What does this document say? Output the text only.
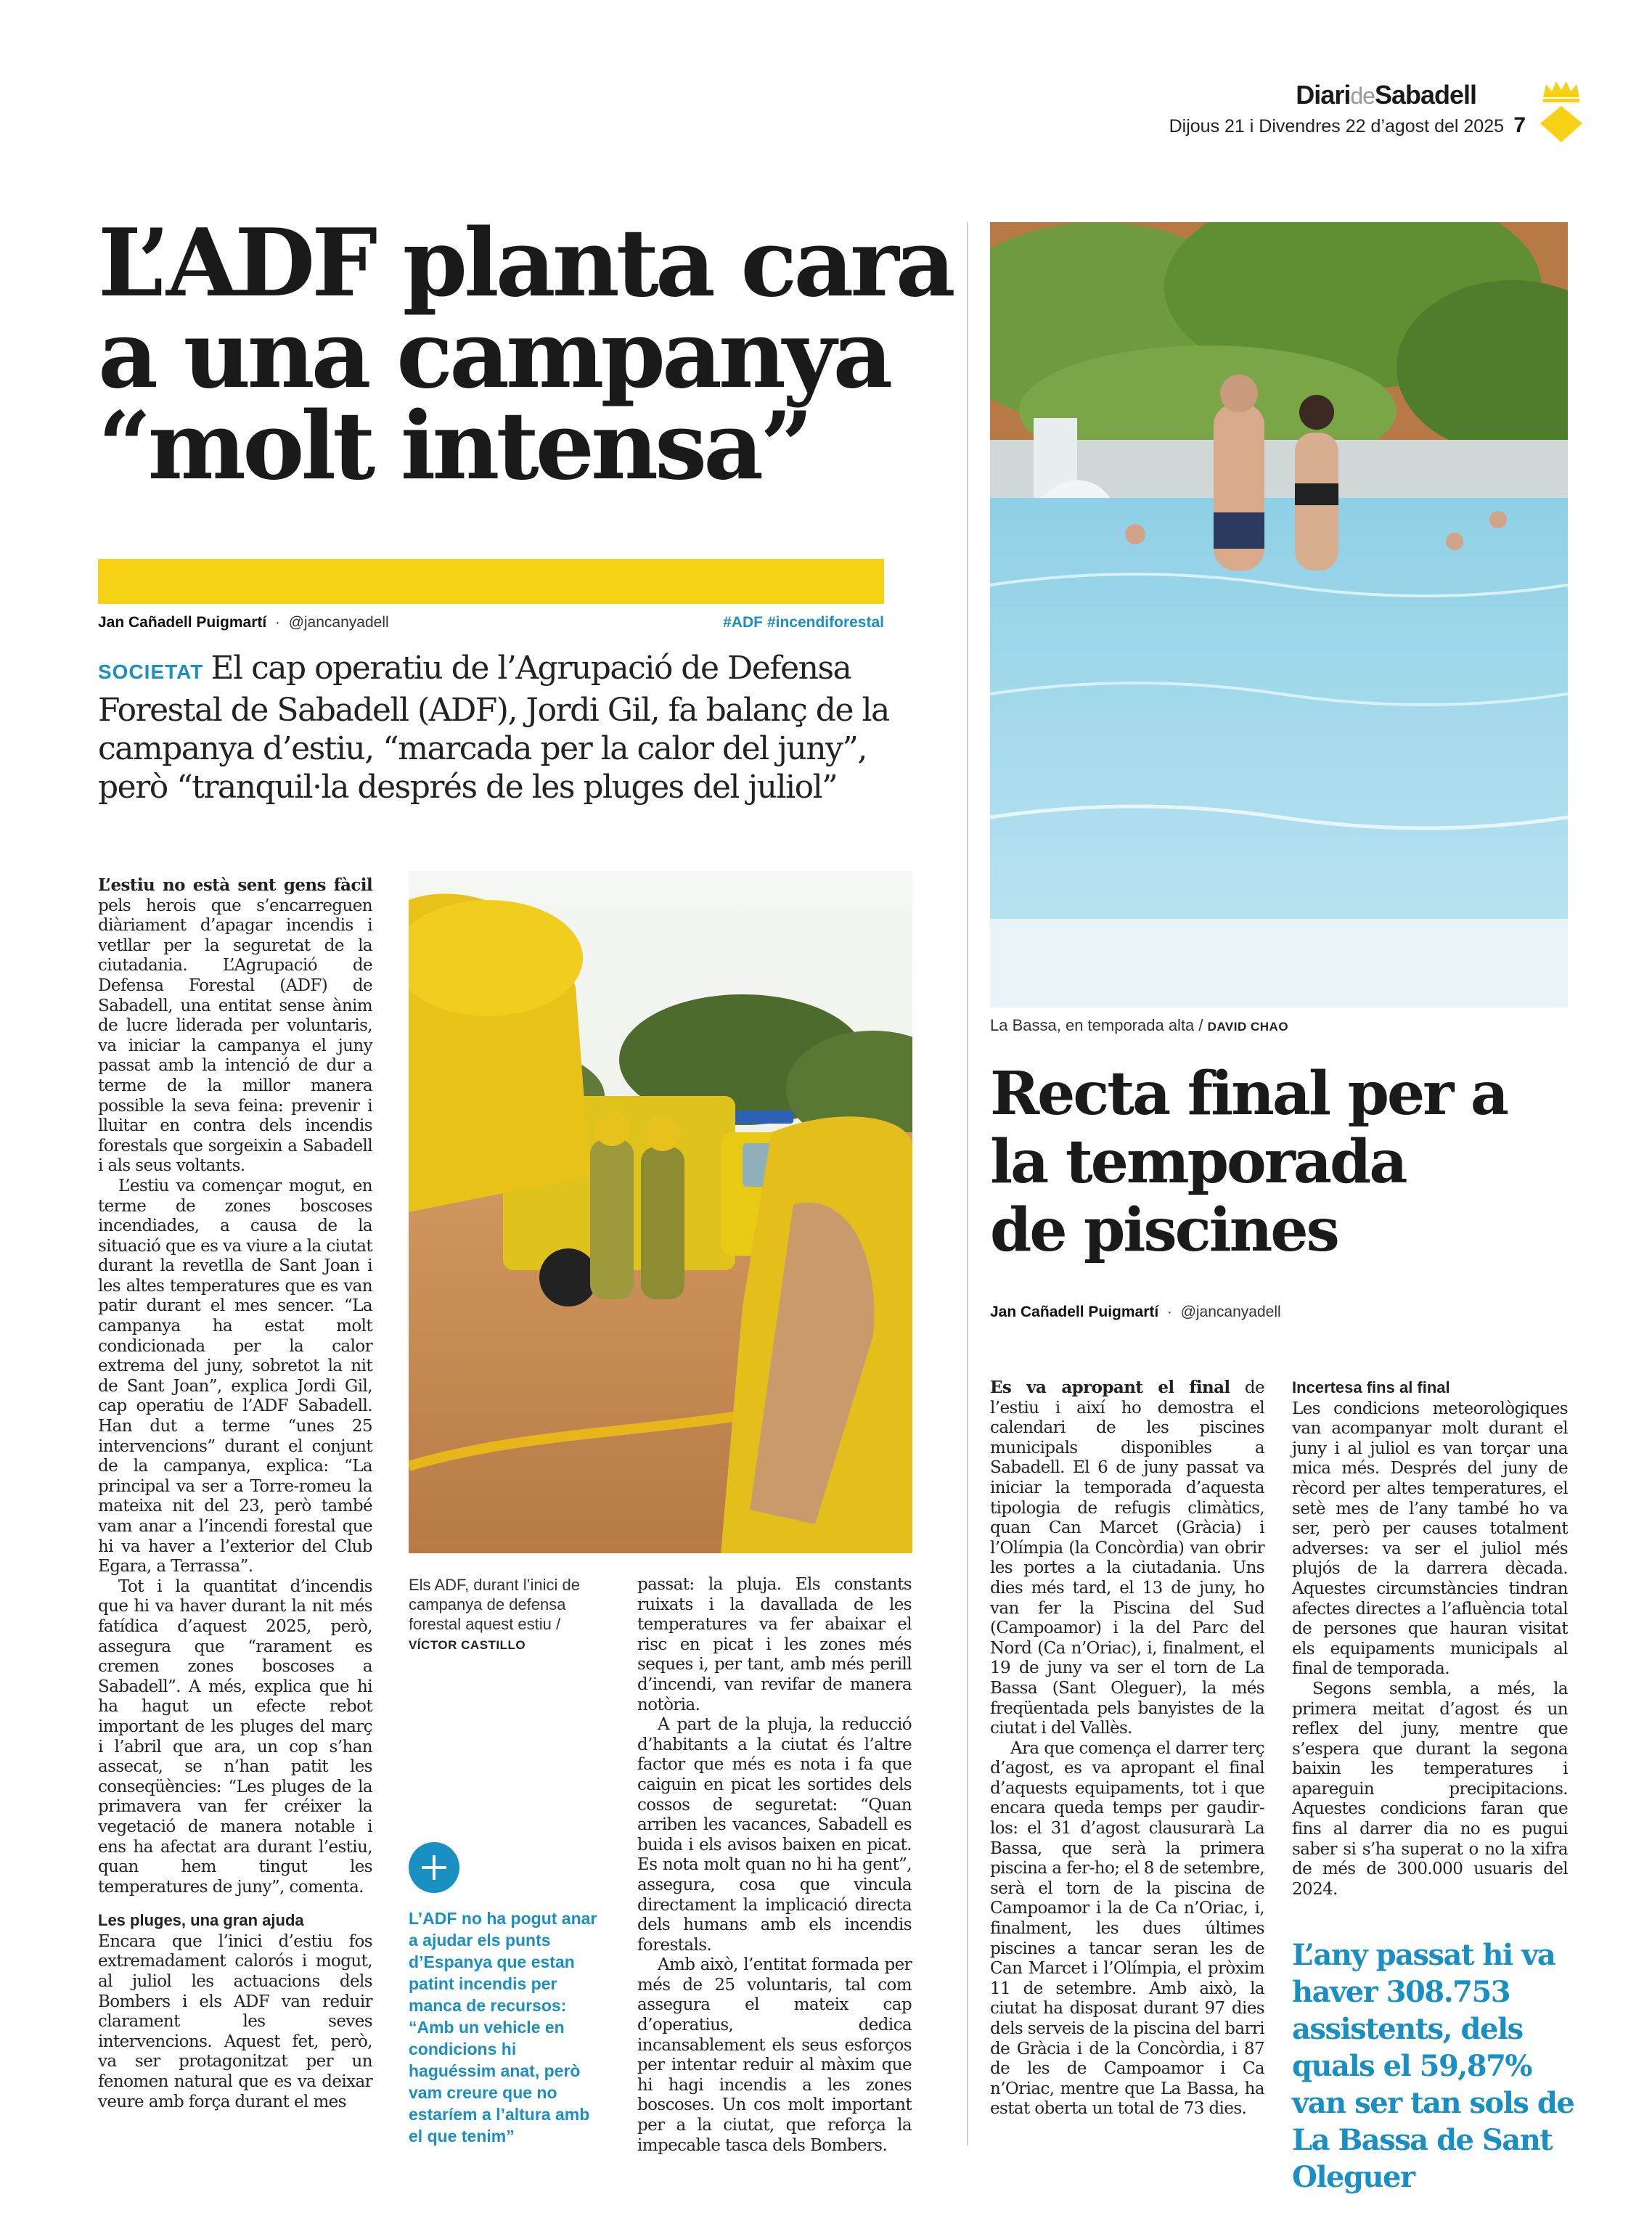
DiarideSabadell
Dijous 21 i Divendres 22 d’agost del 2025 7
L’ADF planta cara
a una campanya
“molt intensa”
Jan Cañadell Puigmartí · @jancanyadell	#ADF #incendiforestal
SOCIETAT El cap operatiu de l’Agrupació de Defensa Forestal de Sabadell (ADF), Jordi Gil, fa balanç de la campanya d’estiu, “marcada per la calor del juny”, però “tranquil·la després de les pluges del juliol”

L’estiu no està sent gens fàcil pels herois que s’encarreguen diàriament d’apagar incendis i vetllar per la seguretat de la ciutadania. L’Agrupació de Defensa Forestal (ADF) de Sabadell, una entitat sense ànim de lucre liderada per voluntaris, va iniciar la campanya el juny passat amb la intenció de dur a terme de la millor manera possible la seva feina: prevenir i lluitar en contra dels incendis forestals que sorgeixin a Sabadell i als seus voltants.

L’estiu va començar mogut, en terme de zones boscoses incendiades, a causa de la situació que es va viure a la ciutat durant la revetlla de Sant Joan i les altes temperatures que es van patir durant el mes sencer. “La campanya ha estat molt condicionada per la calor extrema del juny, sobretot la nit de Sant Joan”, explica Jordi Gil, cap operatiu de l’ADF Sabadell. Han dut a terme “unes 25 intervencions” durant el conjunt de la campanya, explica: “La principal va ser a Torre-romeu la mateixa nit del 23, però també vam anar a l’incendi forestal que hi va haver a l’exterior del Club Egara, a Terrassa”.

Tot i la quantitat d’incendis que hi va haver durant la nit més fatídica d’aquest 2025, però, assegura que “rarament es cremen zones boscoses a Sabadell”. A més, explica que hi ha hagut un efecte rebot important de les pluges del març i l’abril que ara, un cop s’han assecat, se n’han patit les conseqüències: “Les pluges de la primavera van fer créixer la vegetació de manera notable i ens ha afectat ara durant l’estiu, quan hem tingut les temperatures de juny”, comenta.

Les pluges, una gran ajuda

Encara que l’inici d’estiu fos extremadament calorós i mogut, al juliol les actuacions dels Bombers i els ADF van reduir clarament les seves intervencions. Aquest fet, però, va ser protagonitzat per un fenomen natural que es va deixar veure amb força durant el mes

Els ADF, durant l’inici de campanya de defensa forestal aquest estiu /
VÍCTOR CASTILLO
L’ADF no ha pogut anar a ajudar els punts d’Espanya que estan patint incendis per manca de recursos: “Amb un vehicle en condicions hi haguéssim anat, però vam creure que no estaríem a l’altura amb el que tenim”

passat: la pluja. Els constants ruixats i la davallada de les temperatures va fer abaixar el risc en picat i les zones més seques i, per tant, amb més perill d’incendi, van revifar de manera notòria.

A part de la pluja, la reducció d’habitants a la ciutat és l’altre factor que més es nota i fa que caiguin en picat les sortides dels cossos de seguretat: “Quan arriben les vacances, Sabadell es buida i els avisos baixen en picat. Es nota molt quan no hi ha gent”, assegura, cosa que vincula directament la implicació directa dels humans amb els incendis forestals.

Amb això, l’entitat formada per més de 25 voluntaris, tal com assegura el mateix cap d’operatius, dedica incansablement els seus esforços per intentar reduir al màxim que hi hagi incendis a les zones boscoses. Un cos molt important per a la ciutat, que reforça la impecable tasca dels Bombers.

La Bassa, en temporada alta / DAVID CHAO
Recta final per a
la temporada
de piscines
Jan Cañadell Puigmartí · @jancanyadell

Es va apropant el final de l’estiu i així ho demostra el calendari de les piscines municipals disponibles a Sabadell. El 6 de juny passat va iniciar la temporada d’aquesta tipologia de refugis climàtics, quan Can Marcet (Gràcia) i l’Olímpia (la Concòrdia) van obrir les portes a la ciutadania. Uns dies més tard, el 13 de juny, ho van fer la Piscina del Sud (Campoamor) i la del Parc del Nord (Ca n’Oriac), i, finalment, el 19 de juny va ser el torn de La Bassa (Sant Oleguer), la més freqüentada pels banyistes de la ciutat i del Vallès.

Ara que comença el darrer terç d’agost, es va apropant el final d’aquests equipaments, tot i que encara queda temps per gaudir-los: el 31 d’agost clausurarà La Bassa, que serà la primera piscina a fer-ho; el 8 de setembre, serà el torn de la piscina de Campoamor i la de Ca n’Oriac, i, finalment, les dues últimes piscines a tancar seran les de Can Marcet i l’Olímpia, el pròxim 11 de setembre. Amb això, la ciutat ha disposat durant 97 dies dels serveis de la piscina del barri de Gràcia i de la Concòrdia, i 87 de les de Campoamor i Ca n’Oriac, mentre que La Bassa, ha estat oberta un total de 73 dies.

Incertesa fins al final

Les condicions meteorològiques van acompanyar molt durant el juny i al juliol es van torçar una mica més. Després del juny de rècord per altes temperatures, el setè mes de l’any també ho va ser, però per causes totalment adverses: va ser el juliol més plujós de la darrera dècada. Aquestes circumstàncies tindran afectes directes a l’afluència total de persones que hauran visitat els equipaments municipals al final de temporada.

Segons sembla, a més, la primera meitat d’agost és un reflex del juny, mentre que s’espera que durant la segona baixin les temperatures i apareguin precipitacions. Aquestes condicions faran que fins al darrer dia no es pugui saber si s’ha superat o no la xifra de més de 300.000 usuaris del 2024.

L’any passat hi va haver 308.753 assistents, dels quals el 59,87% van ser tan sols de La Bassa de Sant Oleguer
